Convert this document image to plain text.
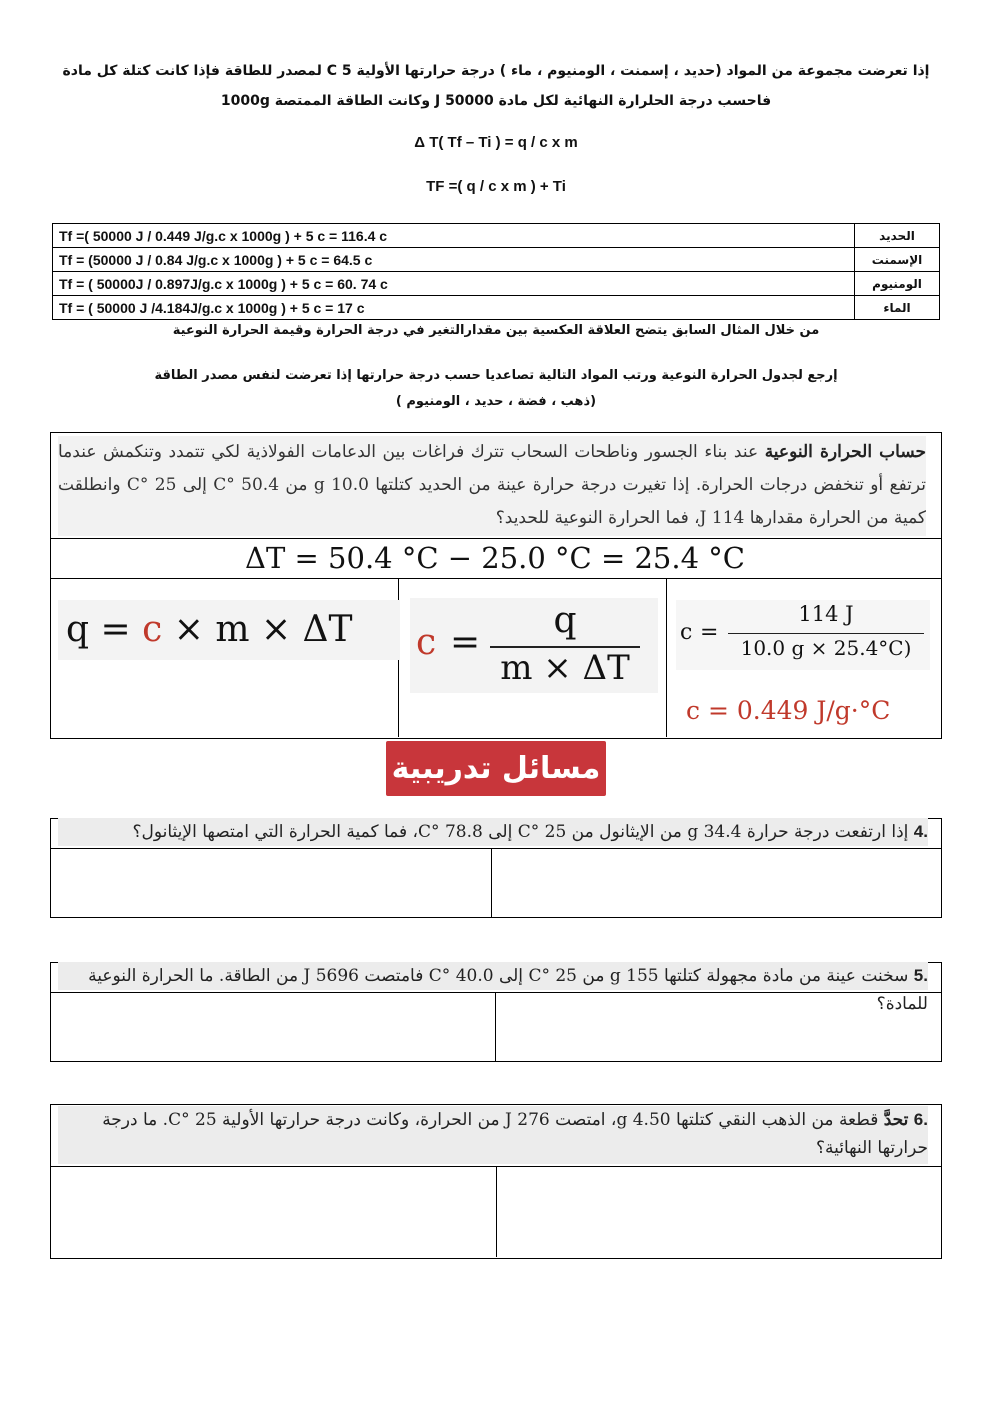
إذا تعرضت مجموعة من المواد (حديد ، إسمنت ، الومنيوم ، ماء ) درجة حرارتها الأولية 5 C لمصدر للطاقة فإذا كانت كتلة كل مادة
1000g وكانت الطاقة الممتصة J 50000 فاحسب درجة الحلرارة النهائية لكل مادة
Δ T( Tf – Ti ) = q / c x m
TF =( q / c x m ) + Ti
Tf =( 50000 J / 0.449 J/g.c x 1000g ) + 5 c = 116.4 c	الحديد
Tf = (50000 J / 0.84 J/g.c x 1000g ) + 5 c = 64.5 c	الإسمنت
Tf = ( 50000J / 0.897J/g.c x 1000g ) + 5 c = 60. 74 c	الومنيوم
Tf = ( 50000 J /4.184J/g.c x 1000g ) + 5 c = 17 c	الماء
من خلال المثال السابق يتضح العلاقة العكسية بين مقدارالتغير في درجة الحرارة وقيمة الحرارة النوعية
إرجع لجدول الحرارة النوعية ورتب المواد التالية تصاعديا حسب درجة حرارتها إذا تعرضت لنفس مصدر الطاقة
(ذهب ، فضة ، حديد ، الومنيوم )
حساب الحرارة النوعية عند بناء الجسور وناطحات السحاب تترك فراغات بين الدعامات الفولاذية لكي تتمدد وتنكمش عندما ترتفع أو تنخفض درجات الحرارة. إذا تغيرت درجة حرارة عينة من الحديد كتلتها 10.0 g من 50.4 °C إلى 25 °C وانطلقت كمية من الحرارة مقدارها 114 J، فما الحرارة النوعية للحديد؟
ΔT = 50.4 °C − 25.0 °C = 25.4 °C
q = c × m × ΔT	c =
q
m × ΔT
c =
114 J
10.0 g × 25.4°C)
c = 0.449 J/g·°C
مسائل تدريبية
.4 إذا ارتفعت درجة حرارة 34.4 g من الإيثانول من 25 °C إلى 78.8 °C، فما كمية الحرارة التي امتصها الإيثانول؟
.5 سخنت عينة من مادة مجهولة كتلتها 155 g من 25 °C إلى 40.0 °C فامتصت 5696 J من الطاقة. ما الحرارة النوعية للمادة؟
.6 تحدَّ قطعة من الذهب النقي كتلتها 4.50 g، امتصت 276 J من الحرارة، وكانت درجة حرارتها الأولية 25 °C. ما درجة حرارتها النهائية؟
